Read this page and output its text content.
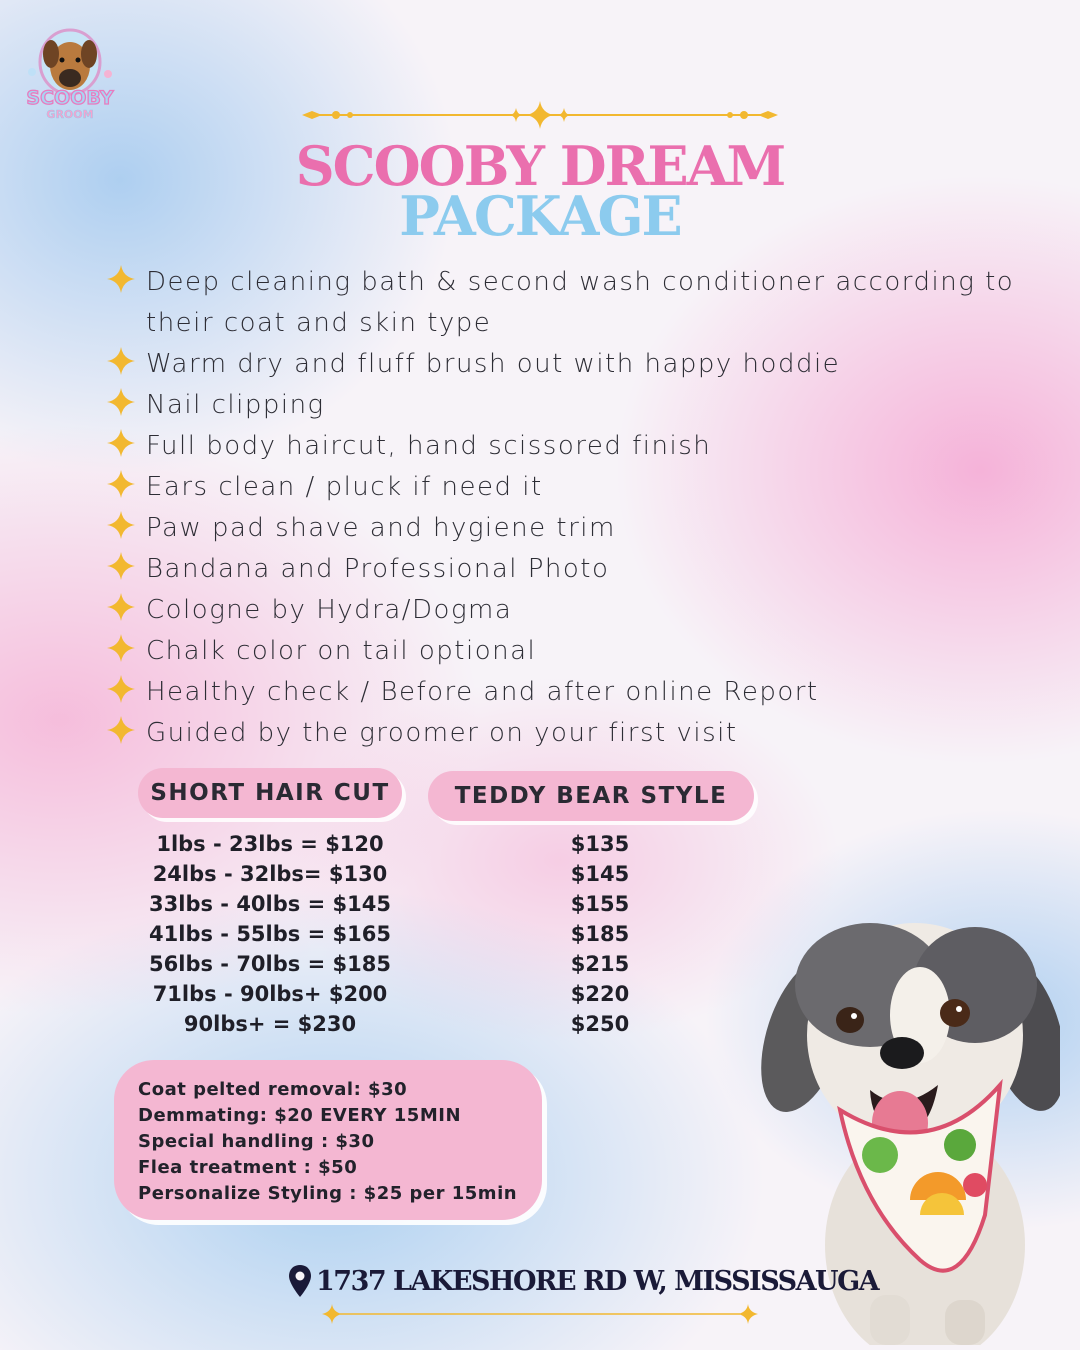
SCOOBY
GROOM
SCOOBY DREAM
PACKAGE
Deep cleaning bath & second wash conditioner according to their coat and skin type
Warm dry and fluff brush out with happy hoddie
Nail clipping
Full body haircut, hand scissored finish
Ears clean / pluck if need it
Paw pad shave and hygiene trim
Bandana and Professional Photo
Cologne by Hydra/Dogma
Chalk color on tail optional
Healthy check / Before and after online Report
Guided by the groomer on your first visit
SHORT HAIR CUT	TEDDY BEAR STYLE
1lbs - 23lbs = $120
24lbs - 32lbs= $130
33lbs - 40lbs = $145
41lbs - 55lbs = $165
56lbs - 70lbs = $185
71lbs - 90lbs+ $200
90lbs+ = $230
$135
$145
$155
$185
$215
$220
$250
Coat pelted removal: $30
Demmating: $20 EVERY 15MIN
Special handling : $30
Flea treatment : $50
Personalize Styling : $25 per 15min
1737 LAKESHORE RD W, MISSISSAUGA
